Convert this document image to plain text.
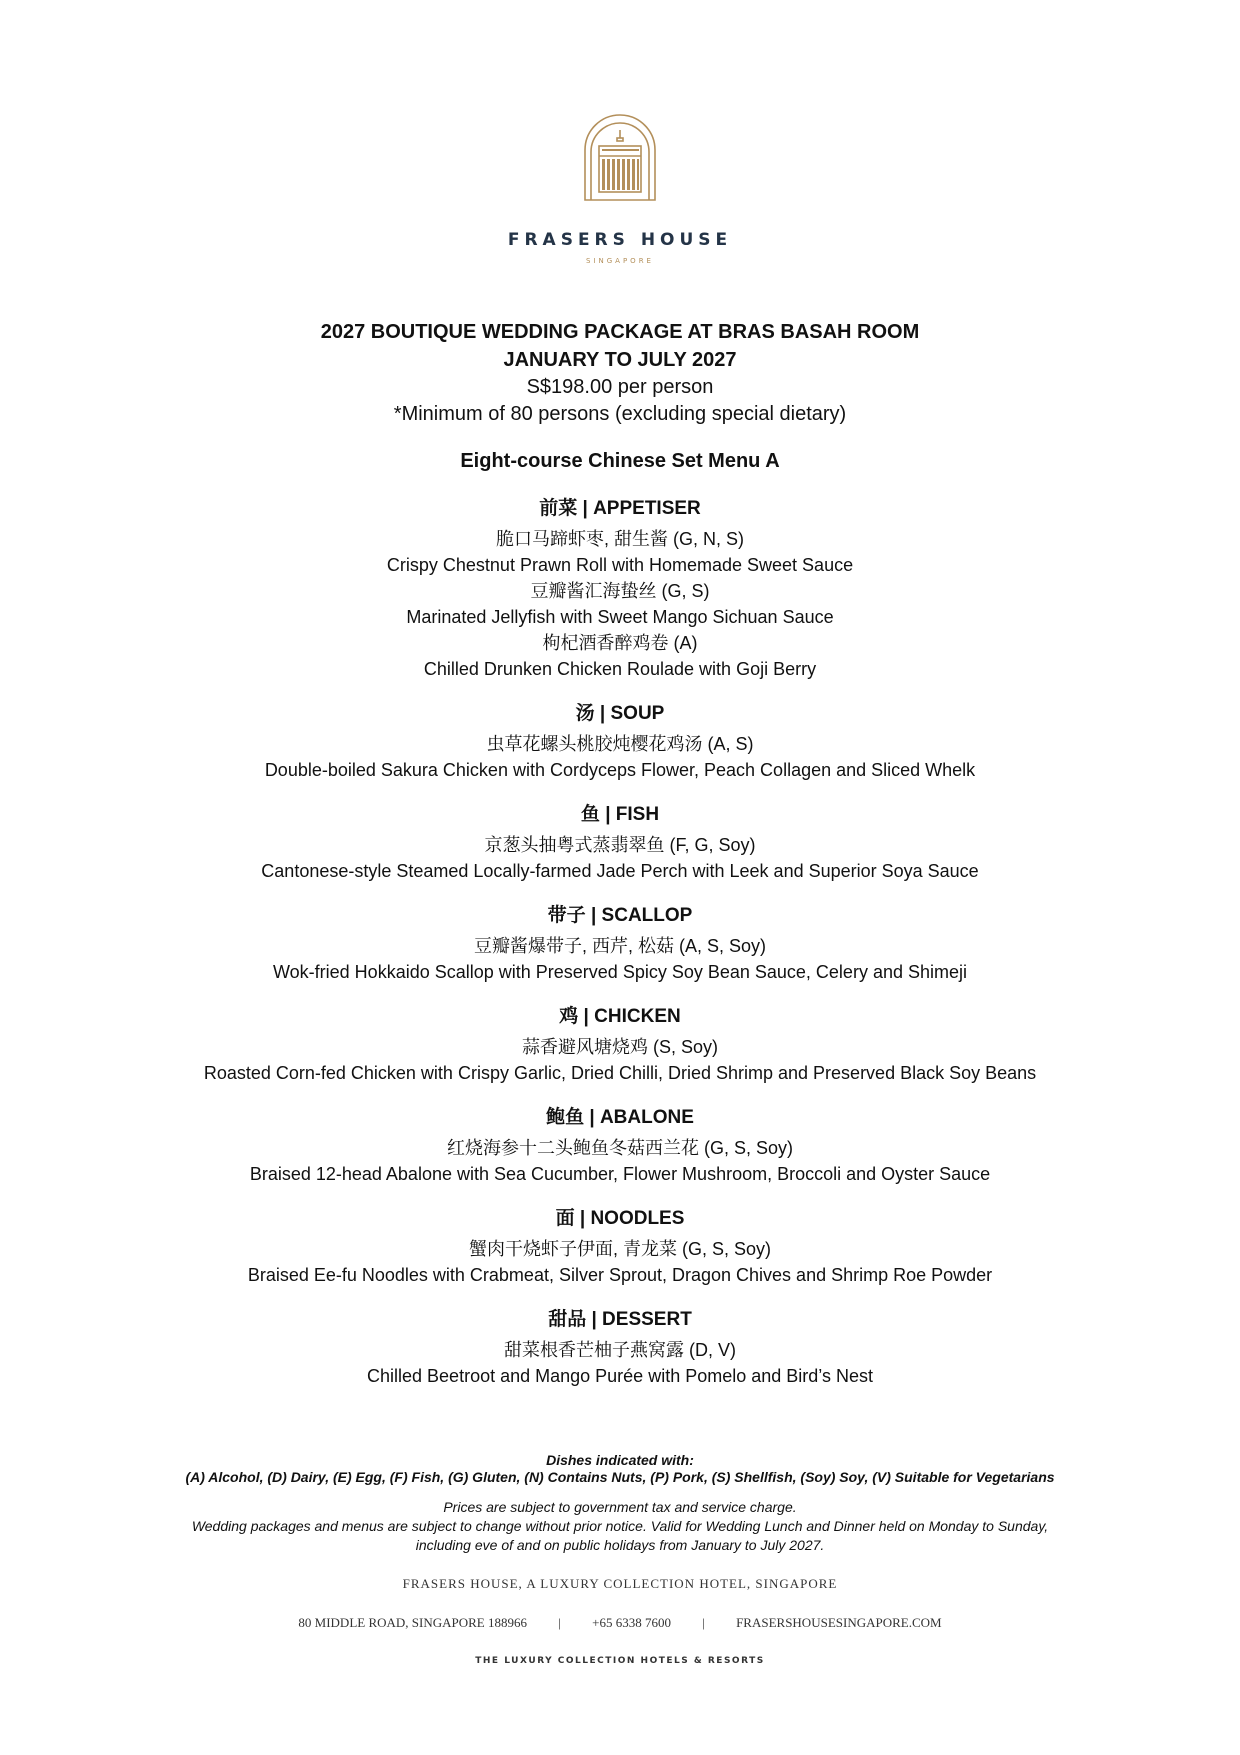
FRASERS HOUSE
SINGAPORE
2027 BOUTIQUE WEDDING PACKAGE AT BRAS BASAH ROOM
JANUARY TO JULY 2027
S$198.00 per person
*Minimum of 80 persons (excluding special dietary)
Eight-course Chinese Set Menu A
前菜 | APPETISER
脆口马蹄虾枣, 甜生酱 (G, N, S)
Crispy Chestnut Prawn Roll with Homemade Sweet Sauce
豆瓣酱汇海蛰丝 (G, S)
Marinated Jellyfish with Sweet Mango Sichuan Sauce
枸杞酒香醉鸡卷 (A)
Chilled Drunken Chicken Roulade with Goji Berry
汤 | SOUP
虫草花螺头桃胶炖樱花鸡汤 (A, S)
Double-boiled Sakura Chicken with Cordyceps Flower, Peach Collagen and Sliced Whelk
鱼 | FISH
京葱头抽粤式蒸翡翠鱼 (F, G, Soy)
Cantonese-style Steamed Locally-farmed Jade Perch with Leek and Superior Soya Sauce
带子 | SCALLOP
豆瓣酱爆带子, 西芹, 松菇 (A, S, Soy)
Wok-fried Hokkaido Scallop with Preserved Spicy Soy Bean Sauce, Celery and Shimeji
鸡 | CHICKEN
蒜香避风塘烧鸡 (S, Soy)
Roasted Corn-fed Chicken with Crispy Garlic, Dried Chilli, Dried Shrimp and Preserved Black Soy Beans
鲍鱼 | ABALONE
红烧海参十二头鲍鱼冬菇西兰花 (G, S, Soy)
Braised 12-head Abalone with Sea Cucumber, Flower Mushroom, Broccoli and Oyster Sauce
面 | NOODLES
蟹肉干烧虾子伊面, 青龙菜 (G, S, Soy)
Braised Ee-fu Noodles with Crabmeat, Silver Sprout, Dragon Chives and Shrimp Roe Powder
甜品 | DESSERT
甜菜根香芒柚子燕窝露 (D, V)
Chilled Beetroot and Mango Purée with Pomelo and Bird’s Nest
Dishes indicated with:
(A) Alcohol, (D) Dairy, (E) Egg, (F) Fish, (G) Gluten, (N) Contains Nuts, (P) Pork, (S) Shellfish, (Soy) Soy, (V) Suitable for Vegetarians
Prices are subject to government tax and service charge.
Wedding packages and menus are subject to change without prior notice. Valid for Wedding Lunch and Dinner held on Monday to Sunday,
including eve of and on public holidays from January to July 2027.
FRASERS HOUSE, A LUXURY COLLECTION HOTEL, SINGAPORE
80 MIDDLE ROAD, SINGAPORE 188966 | +65 6338 7600 | FRASERSHOUSESINGAPORE.COM
THE LUXURY COLLECTION HOTELS & RESORTS
